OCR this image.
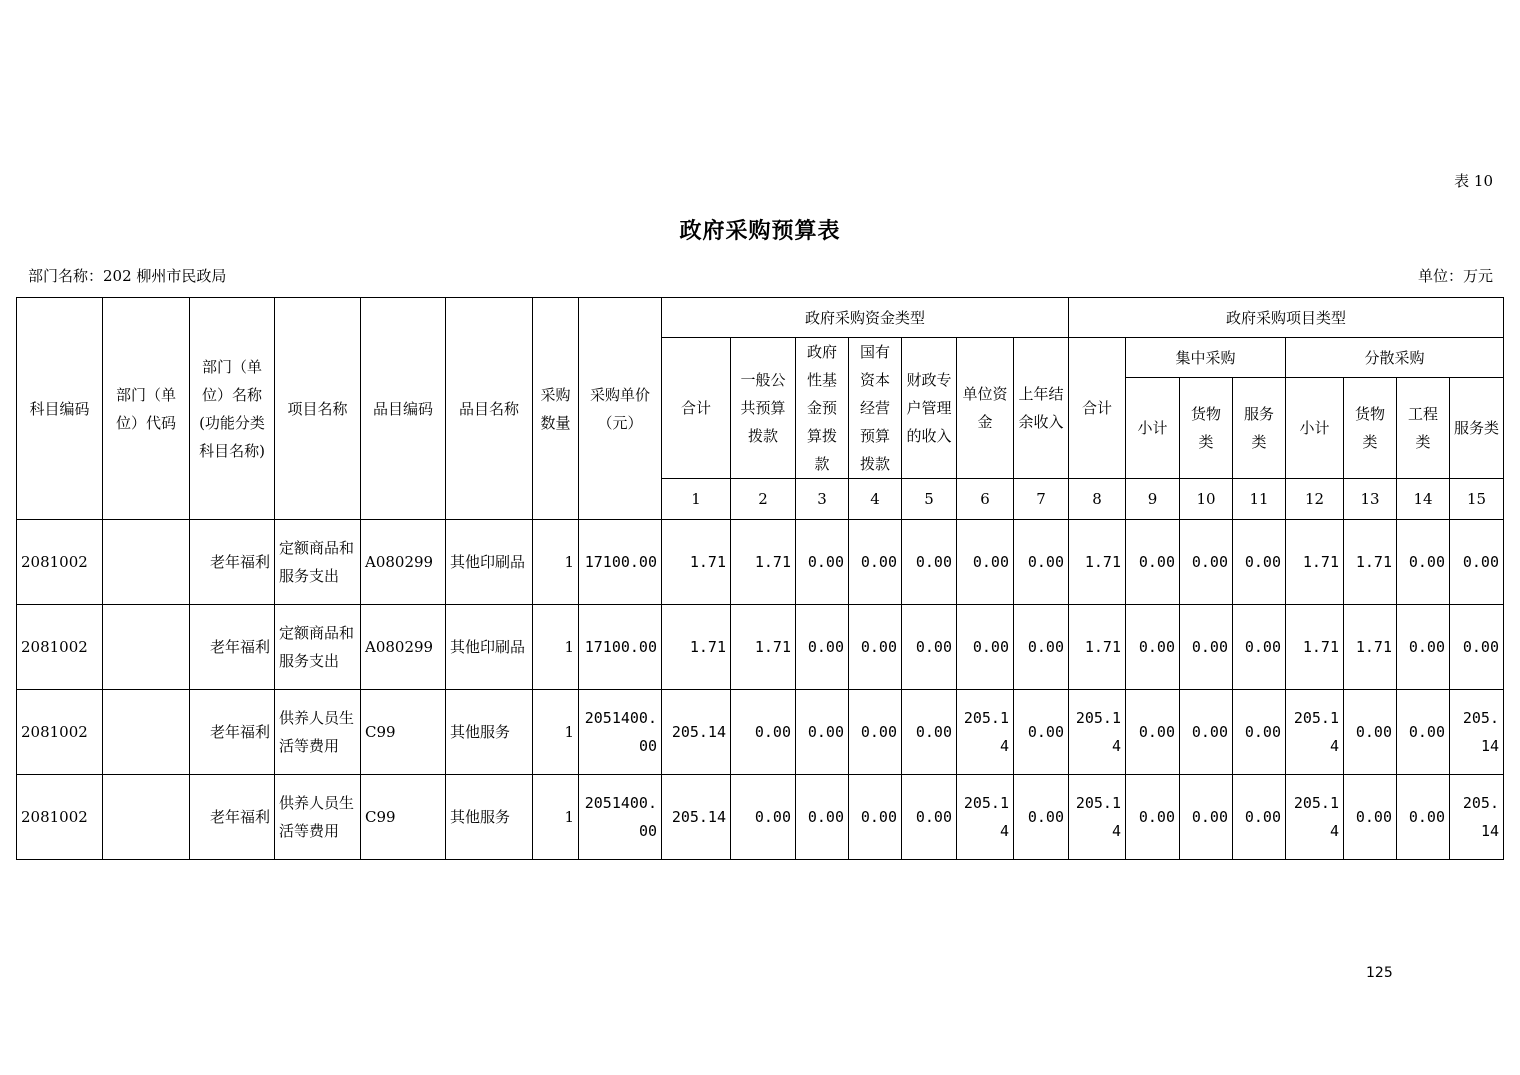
表 10
政府采购预算表
部门名称：202 柳州市民政局	单位：万元
科目编码	部门（单位）代码	部门（单位）名称(功能分类科目名称)	项目名称	品目编码	品目名称	采购数量	采购单价（元）	政府采购资金类型							政府采购项目类型							
								合计	一般公共预算拨款	政府性基金预算拨款	国有资本经营预算拨款	财政专户管理的收入	单位资金	上年结余收入	合计	集中采购			分散采购			
																小计	货物类	服务类	小计	货物类	工程类	服务类
								1	2	3	4	5	6	7	8	9	10	11	12	13	14	15
2081002		老年福利	定额商品和服务支出	A080299	其他印刷品	1	17100.00	1.71	1.71	0.00	0.00	0.00	0.00	0.00	1.71	0.00	0.00	0.00	1.71	1.71	0.00	0.00
2081002		老年福利	定额商品和服务支出	A080299	其他印刷品	1	17100.00	1.71	1.71	0.00	0.00	0.00	0.00	0.00	1.71	0.00	0.00	0.00	1.71	1.71	0.00	0.00
2081002		老年福利	供养人员生活等费用	C99	其他服务	1	2051400.00	205.14	0.00	0.00	0.00	0.00	205.14	0.00	205.14	0.00	0.00	0.00	205.14	0.00	0.00	205.14
2081002		老年福利	供养人员生活等费用	C99	其他服务	1	2051400.00	205.14	0.00	0.00	0.00	0.00	205.14	0.00	205.14	0.00	0.00	0.00	205.14	0.00	0.00	205.14
125
